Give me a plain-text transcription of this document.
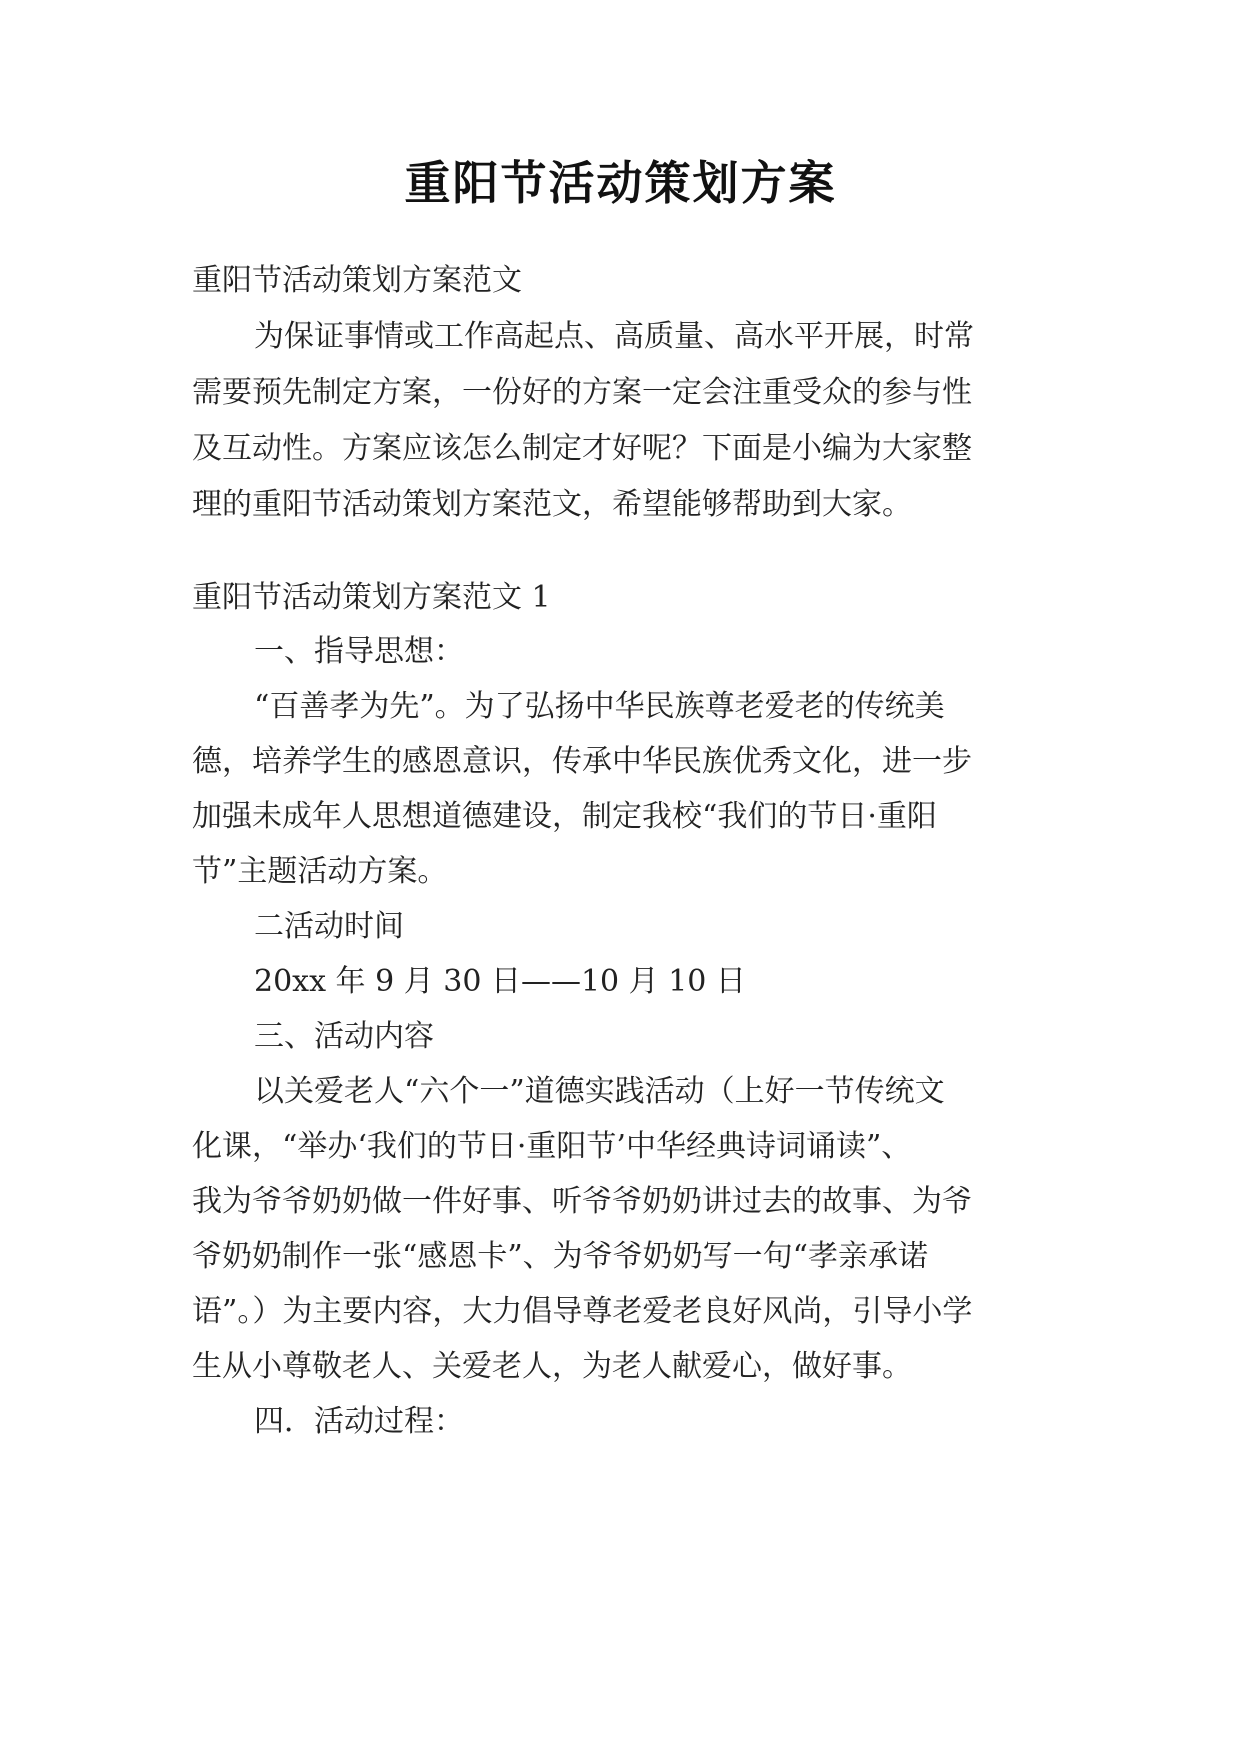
重阳节活动策划方案
重阳节活动策划方案范文
为保证事情或工作高起点、高质量、高水平开展，时常
需要预先制定方案，一份好的方案一定会注重受众的参与性
及互动性。方案应该怎么制定才好呢？下面是小编为大家整
理的重阳节活动策划方案范文，希望能够帮助到大家。
重阳节活动策划方案范文 1
一、指导思想：
“百善孝为先”。为了弘扬中华民族尊老爱老的传统美
德，培养学生的感恩意识，传承中华民族优秀文化，进一步
加强未成年人思想道德建设，制定我校“我们的节日·重阳
节”主题活动方案。
二活动时间
20xx 年 9 月 30 日——10 月 10 日
三、活动内容
以关爱老人“六个一”道德实践活动（上好一节传统文
化课，“举办‘我们的节日·重阳节’中华经典诗词诵读”、
我为爷爷奶奶做一件好事、听爷爷奶奶讲过去的故事、为爷
爷奶奶制作一张“感恩卡”、为爷爷奶奶写一句“孝亲承诺
语”。）为主要内容，大力倡导尊老爱老良好风尚，引导小学
生从小尊敬老人、关爱老人，为老人献爱心，做好事。
四．活动过程：
